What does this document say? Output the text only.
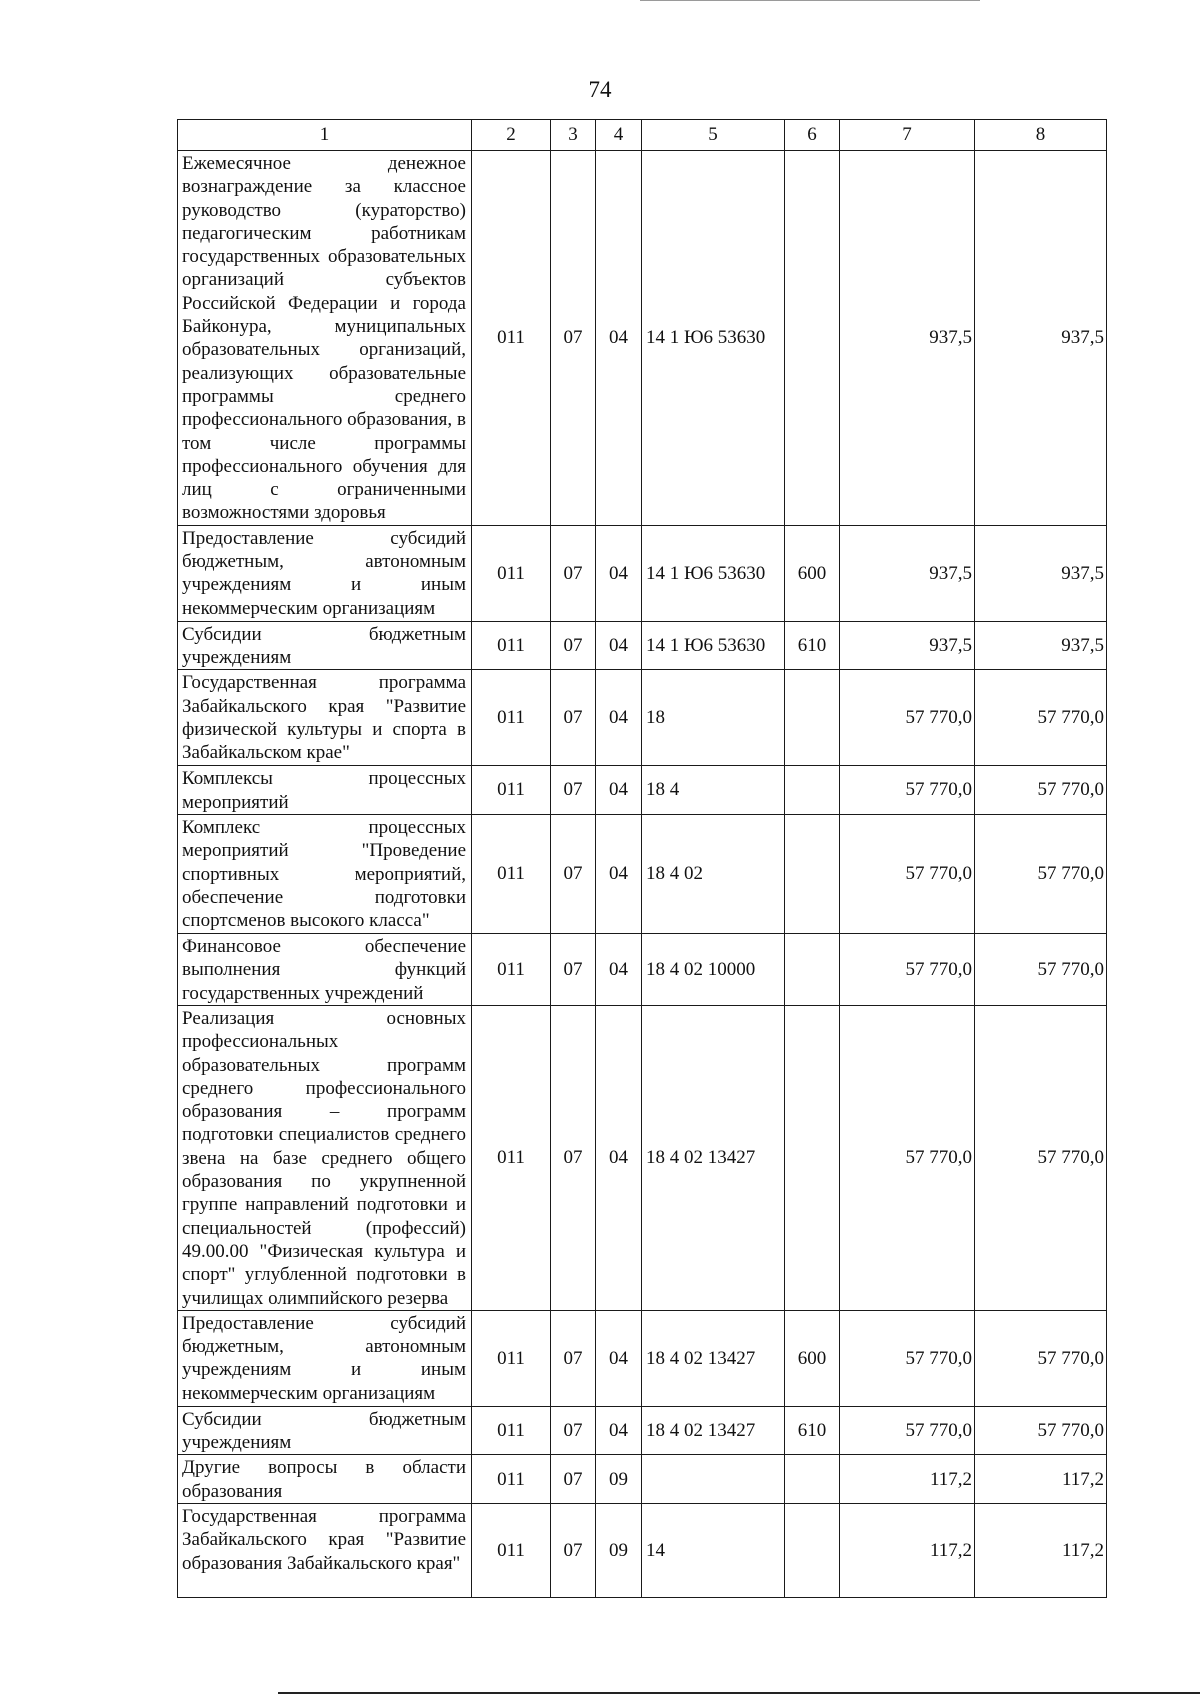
74
1	2	3	4	5	6	7	8
Ежемесячное денежное вознаграждение за классное руководство (кураторство) педагогическим работникам государственных образовательных организаций субъектов Российской Федерации и города Байконура, муниципальных образовательных организаций, реализующих образовательные программы среднего профессионального образования, в том числе программы профессионального обучения для лиц с ограниченными возможностями здоровья	011	07	04	14 1 Ю6 53630		937,5	937,5
Предоставление субсидий бюджетным, автономным учреждениям и иным некоммерческим организациям	011	07	04	14 1 Ю6 53630	600	937,5	937,5
Субсидии бюджетным учреждениям	011	07	04	14 1 Ю6 53630	610	937,5	937,5
Государственная программа Забайкальского края "Развитие физической культуры и спорта в Забайкальском крае"	011	07	04	18		57 770,0	57 770,0
Комплексы процессных мероприятий	011	07	04	18 4		57 770,0	57 770,0
Комплекс процессных мероприятий "Проведение спортивных мероприятий, обеспечение подготовки спортсменов высокого класса"	011	07	04	18 4 02		57 770,0	57 770,0
Финансовое обеспечение выполнения функций государственных учреждений	011	07	04	18 4 02 10000		57 770,0	57 770,0
Реализация основных профессиональных образовательных программ среднего профессионального образования – программ подготовки специалистов среднего звена на базе среднего общего образования по укрупненной группе направлений подготовки и специальностей (профессий) 49.00.00 "Физическая культура и спорт" углубленной подготовки в училищах олимпийского резерва	011	07	04	18 4 02 13427		57 770,0	57 770,0
Предоставление субсидий бюджетным, автономным учреждениям и иным некоммерческим организациям	011	07	04	18 4 02 13427	600	57 770,0	57 770,0
Субсидии бюджетным учреждениям	011	07	04	18 4 02 13427	610	57 770,0	57 770,0
Другие вопросы в области образования	011	07	09			117,2	117,2
Государственная программа Забайкальского края "Развитие образования Забайкальского края"	011	07	09	14		117,2	117,2
